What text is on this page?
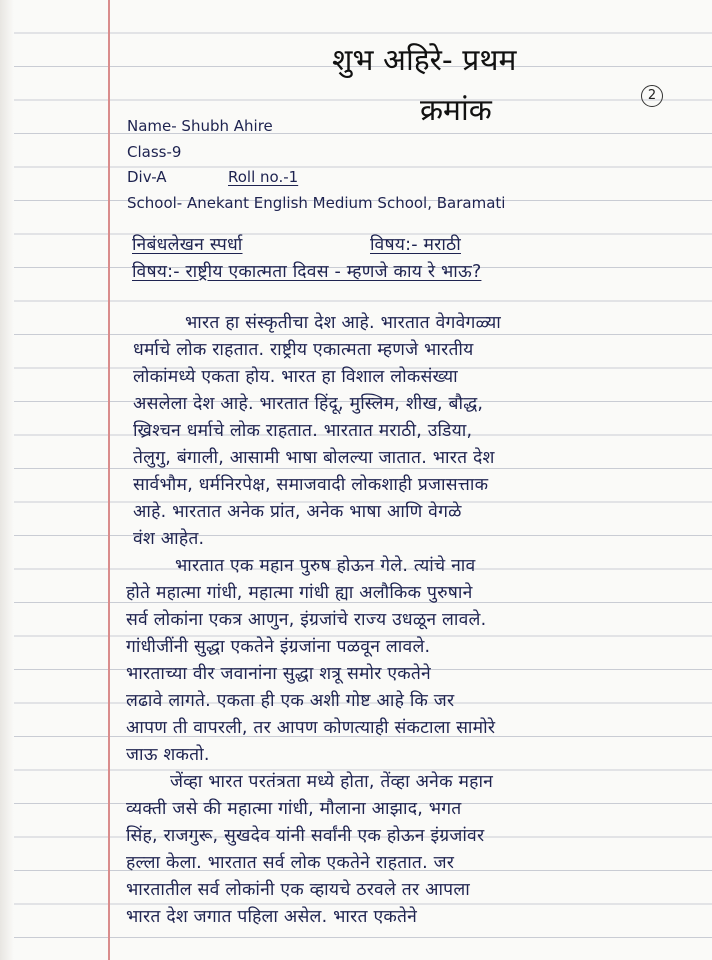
शुभ अहिरे- प्रथम
क्रमांक	2
Name- Shubh Ahire
Class-9
Div-A	Roll no.-1
School- Anekant English Medium School, Baramati
निबंधलेखन स्पर्धा	विषय:- मराठी
विषय:- राष्ट्रीय एकात्मता दिवस - म्हणजे काय रे भाऊ?
भारत हा संस्कृतीचा देश आहे. भारतात वेगवेगळ्या
धर्माचे लोक राहतात. राष्ट्रीय एकात्मता म्हणजे भारतीय
लोकांमध्ये एकता होय. भारत हा विशाल लोकसंख्या
असलेला देश आहे. भारतात हिंदू, मुस्लिम, शीख, बौद्ध,
ख्रिश्चन धर्माचे लोक राहतात. भारतात मराठी, उडिया,
तेलुगु, बंगाली, आसामी भाषा बोलल्या जातात. भारत देश
सार्वभौम, धर्मनिरपेक्ष, समाजवादी लोकशाही प्रजासत्ताक
आहे. भारतात अनेक प्रांत, अनेक भाषा आणि वेगळे
वंश आहेत.
भारतात एक महान पुरुष होऊन गेले. त्यांचे नाव
होते महात्मा गांधी, महात्मा गांधी ह्या अलौकिक पुरुषाने
सर्व लोकांना एकत्र आणुन, इंग्रजांचे राज्य उधळून लावले.
गांधीजींनी सुद्धा एकतेने इंग्रजांना पळवून लावले.
भारताच्या वीर जवानांना सुद्धा शत्रू समोर एकतेने
लढावे लागते. एकता ही एक अशी गोष्ट आहे कि जर
आपण ती वापरली, तर आपण कोणत्याही संकटाला सामोरे
जाऊ शकतो.
जेंव्हा भारत परतंत्रता मध्ये होता, तेंव्हा अनेक महान
व्यक्ती जसे की महात्मा गांधी, मौलाना आझाद, भगत
सिंह, राजगुरू, सुखदेव यांनी सर्वांनी एक होऊन इंग्रजांवर
हल्ला केला. भारतात सर्व लोक एकतेने राहतात. जर
भारतातील सर्व लोकांनी एक व्हायचे ठरवले तर आपला
भारत देश जगात पहिला असेल. भारत एकतेने
